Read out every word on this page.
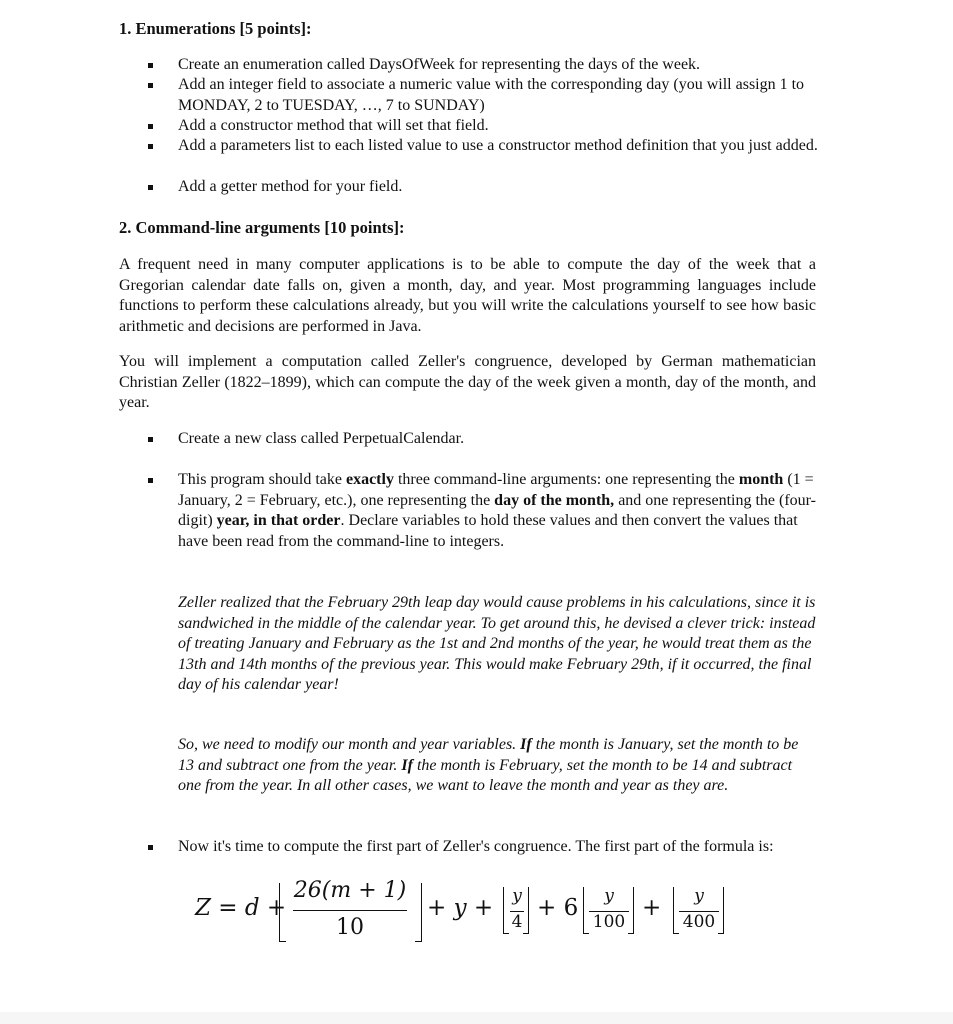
1. Enumerations [5 points]:
Create an enumeration called DaysOfWeek for representing the days of the week.
Add an integer field to associate a numeric value with the corresponding day (you will assign 1 to MONDAY, 2 to TUESDAY, …, 7 to SUNDAY)
Add a constructor method that will set that field.
Add a parameters list to each listed value to use a constructor method definition that you just added.
Add a getter method for your field.
2. Command-line arguments [10 points]:
A frequent need in many computer applications is to be able to compute the day of the week that a Gregorian calendar date falls on, given a month, day, and year. Most programming languages include functions to perform these calculations already, but you will write the calculations yourself to see how basic arithmetic and decisions are performed in Java.
You will implement a computation called Zeller's congruence, developed by German mathematician Christian Zeller (1822–1899), which can compute the day of the week given a month, day of the month, and year.
Create a new class called PerpetualCalendar.
This program should take exactly three command-line arguments: one representing the month (1 = January, 2 = February, etc.), one representing the day of the month, and one representing the (four-digit) year, in that order. Declare variables to hold these values and then convert the values that have been read from the command-line to integers.
Zeller realized that the February 29th leap day would cause problems in his calculations, since it is sandwiched in the middle of the calendar year. To get around this, he devised a clever trick: instead of treating January and February as the 1st and 2nd months of the year, he would treat them as the 13th and 14th months of the previous year. This would make February 29th, if it occurred, the final day of his calendar year!
So, we need to modify our month and year variables. If the month is January, set the month to be 13 and subtract one from the year. If the month is February, set the month to be 14 and subtract one from the year. In all other cases, we want to leave the month and year as they are.
Now it's time to compute the first part of Zeller's congruence. The first part of the formula is:
Z = d +
26(m + 1)
10
+ y +	y
4
+ 6	y
100
+	y
400
